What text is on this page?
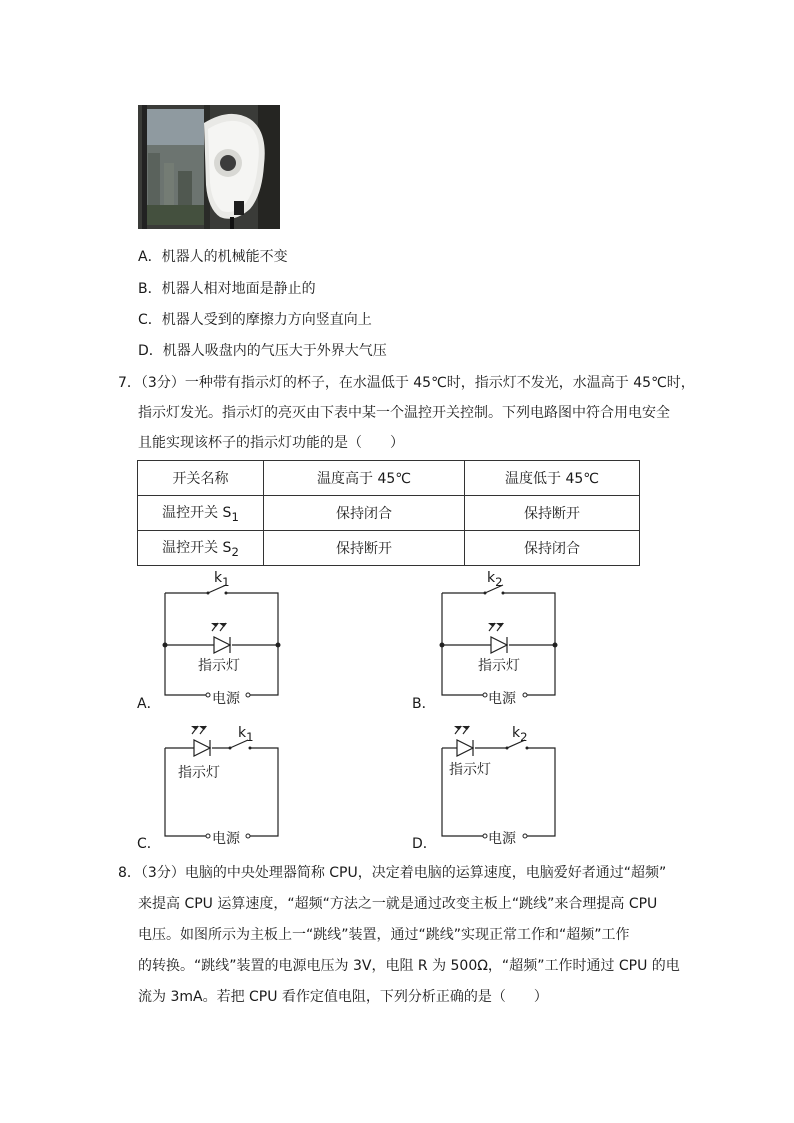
A．机器人的机械能不变
B．机器人相对地面是静止的
C．机器人受到的摩擦力方向竖直向上
D．机器人吸盘内的气压大于外界大气压
7．（3分）一种带有指示灯的杯子，在水温低于 45℃时，指示灯不发光，水温高于 45℃时，
指示灯发光。指示灯的亮灭由下表中某一个温控开关控制。下列电路图中符合用电安全
且能实现该杯子的指示灯功能的是（　　）
开关名称	温度高于 45℃	温度低于 45℃
温控开关 $S_1$	保持闭合	保持断开
温控开关 $S_2$	保持断开	保持闭合
$k_1$
指示灯
电源
A．
$k_2$
指示灯
电源
B．
$k_1$
指示灯
电源
C．
$k_2$
指示灯
电源
D．
8．（3分）电脑的中央处理器简称 CPU，决定着电脑的运算速度，电脑爱好者通过“超频”
来提高 CPU 运算速度，“超频“方法之一就是通过改变主板上“跳线”来合理提高 CPU
电压。如图所示为主板上一“跳线”装置，通过“跳线”实现正常工作和“超频”工作
的转换。“跳线”装置的电源电压为 3V，电阻 R 为 500Ω，“超频”工作时通过 CPU 的电
流为 3mA。若把 CPU 看作定值电阻，下列分析正确的是（　　）
